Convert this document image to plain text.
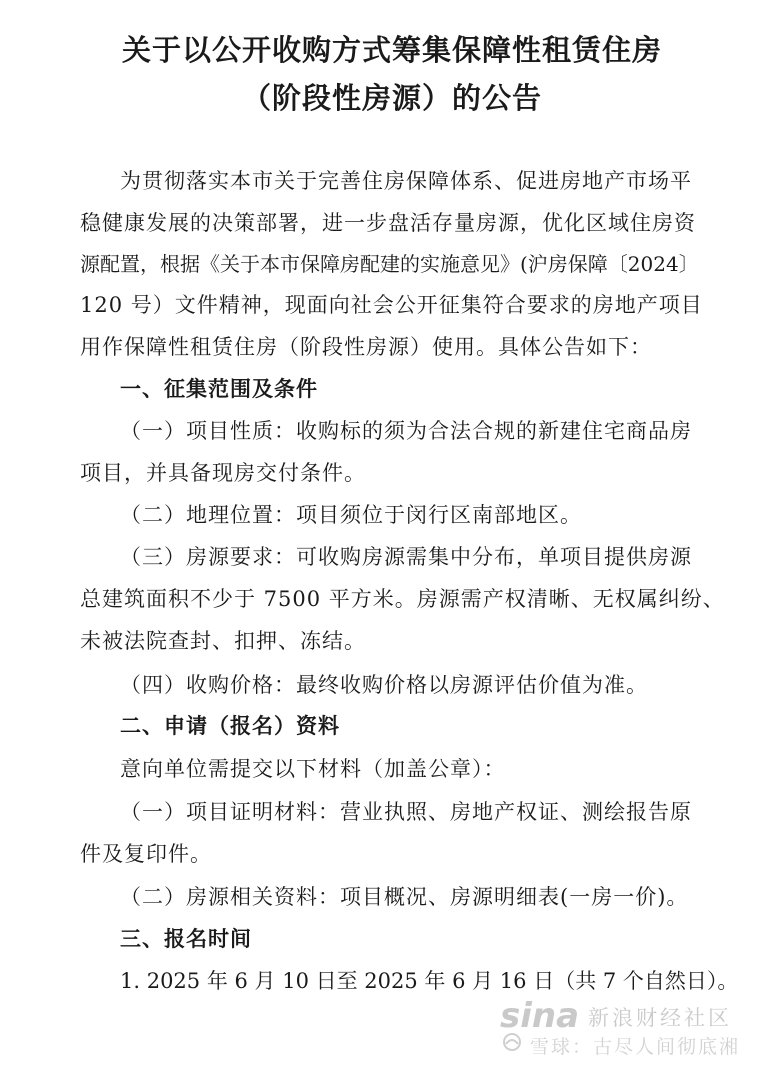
关于以公开收购方式筹集保障性租赁住房
（阶段性房源）的公告
为贯彻落实本市关于完善住房保障体系、促进房地产市场平
稳健康发展的决策部署，进一步盘活存量房源，优化区域住房资
源配置，根据《关于本市保障房配建的实施意见》(沪房保障〔2024〕
120 号）文件精神，现面向社会公开征集符合要求的房地产项目
用作保障性租赁住房（阶段性房源）使用。具体公告如下：
一、征集范围及条件
（一）项目性质：收购标的须为合法合规的新建住宅商品房
项目，并具备现房交付条件。
（二）地理位置：项目须位于闵行区南部地区。
（三）房源要求：可收购房源需集中分布，单项目提供房源
总建筑面积不少于 7500 平方米。房源需产权清晰、无权属纠纷、
未被法院查封、扣押、冻结。
（四）收购价格：最终收购价格以房源评估价值为准。
二、申请（报名）资料
意向单位需提交以下材料（加盖公章）：
（一）项目证明材料：营业执照、房地产权证、测绘报告原
件及复印件。
（二）房源相关资料：项目概况、房源明细表(一房一价)。
三、报名时间
1. 2025 年 6 月 10 日至 2025 年 6 月 16 日（共 7 个自然日）。
sina 新浪财经社区
雪球：古尽人间彻底湘
